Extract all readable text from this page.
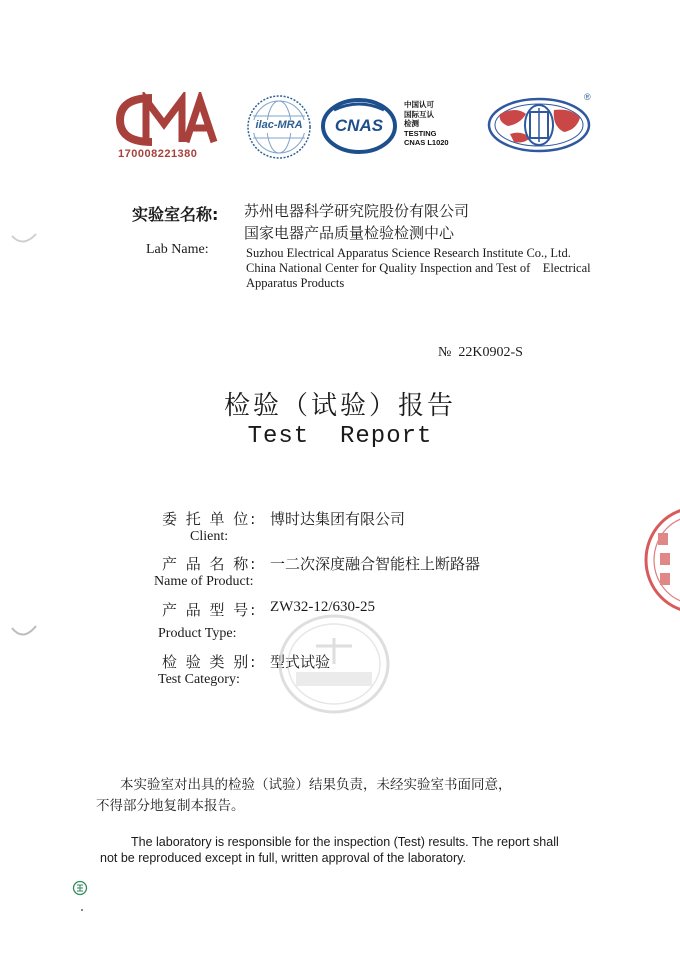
170008221380
ilac-MRA	CNAS
中国认可
国际互认
检测
TESTING
CNAS L1020
®
实验室名称: 苏州电器科学研究院股份有限公司
国家电器产品质量检验检测中心
Lab Name:	Suzhou Electrical Apparatus Science Research Institute Co., Ltd.
China National Center for Quality Inspection and Test of    Electrical
Apparatus Products
№  22K0902-S
检验（试验）报告
Test  Report
委 托 单 位: 博时达集团有限公司
Client:
产 品 名 称: 一二次深度融合智能柱上断路器
Name of Product:
产 品 型 号: ZW32-12/630-25
Product Type:
检 验 类 别: 型式试验
Test Category:
本实验室对出具的检验（试验）结果负责，未经实验室书面同意，
不得部分地复制本报告。
The laboratory is responsible for the inspection (Test) results. The report shall
not be reproduced except in full, written approval of the laboratory.
